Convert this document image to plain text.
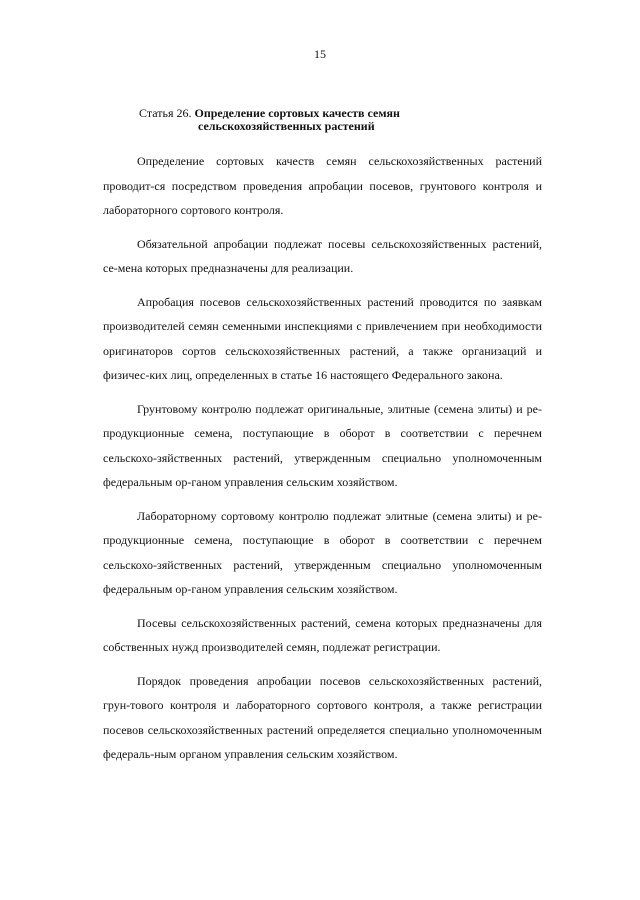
15
Статья 26. Определение сортовых качеств семян
сельскохозяйственных растений

Определение сортовых качеств семян сельскохозяйственных растений проводит-ся посредством проведения апробации посевов, грунтового контроля и лабораторного сортового контроля.

Обязательной апробации подлежат посевы сельскохозяйственных растений, се-мена которых предназначены для реализации.

Апробация посевов сельскохозяйственных растений проводится по заявкам производителей семян семенными инспекциями с привлечением при необходимости оригинаторов сортов сельскохозяйственных растений, а также организаций и физичес-ких лиц, определенных в статье 16 настоящего Федерального закона.

Грунтовому контролю подлежат оригинальные, элитные (семена элиты) и ре-продукционные семена, поступающие в оборот в соответствии с перечнем сельскохо-зяйственных растений, утвержденным специально уполномоченным федеральным ор-ганом управления сельским хозяйством.

Лабораторному сортовому контролю подлежат элитные (семена элиты) и ре-продукционные семена, поступающие в оборот в соответствии с перечнем сельскохо-зяйственных растений, утвержденным специально уполномоченным федеральным ор-ганом управления сельским хозяйством.

Посевы сельскохозяйственных растений, семена которых предназначены для собственных нужд производителей семян, подлежат регистрации.

Порядок проведения апробации посевов сельскохозяйственных растений, грун-тового контроля и лабораторного сортового контроля, а также регистрации посевов сельскохозяйственных растений определяется специально уполномоченным федераль-ным органом управления сельским хозяйством.
